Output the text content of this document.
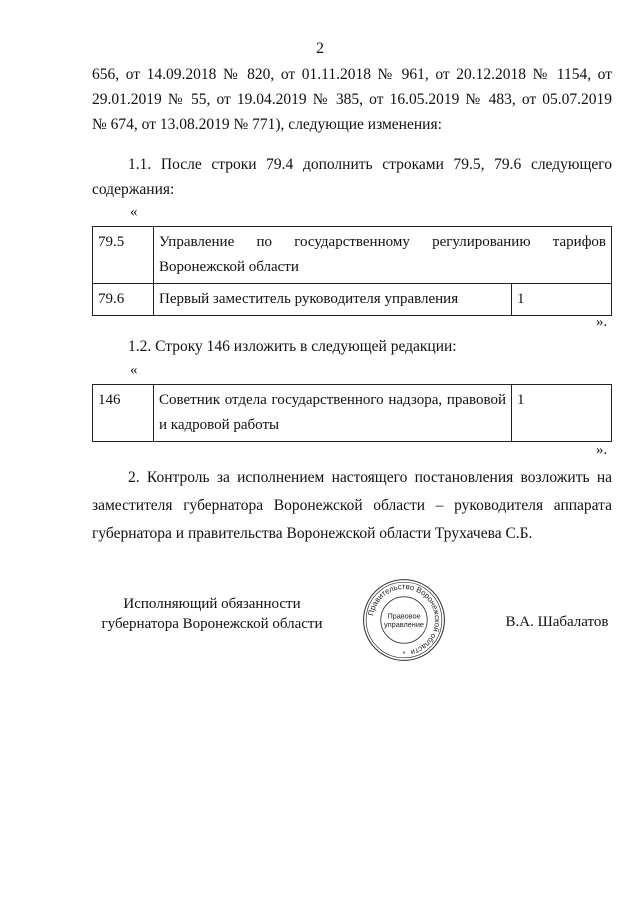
2

656, от 14.09.2018 № 820, от 01.11.2018 № 961, от 20.12.2018 № 1154, от

29.01.2019 № 55, от 19.04.2019 № 385, от 16.05.2019 № 483, от 05.07.2019

№ 674, от 13.08.2019 № 771), следующие изменения:

1.1. После строки 79.4 дополнить строками 79.5, 79.6 следующего

содержания:

«
79.5	Управление по государственному регулированию тарифов Воронежской области	
79.6	Первый заместитель руководителя управления	1
».
1.2. Строку 146 изложить в следующей редакции:
«
146	Советник отдела государственного надзора, правовой и кадровой работы	1
».

2. Контроль за исполнением настоящего постановления возложить на

заместителя губернатора Воронежской области – руководителя аппарата

губернатора и правительства Воронежской области Трухачева С.Б.

Исполняющий обязанности
губернатора Воронежской области
Правительство Воронежской области
Правовое
управление
*
В.А. Шабалатов
